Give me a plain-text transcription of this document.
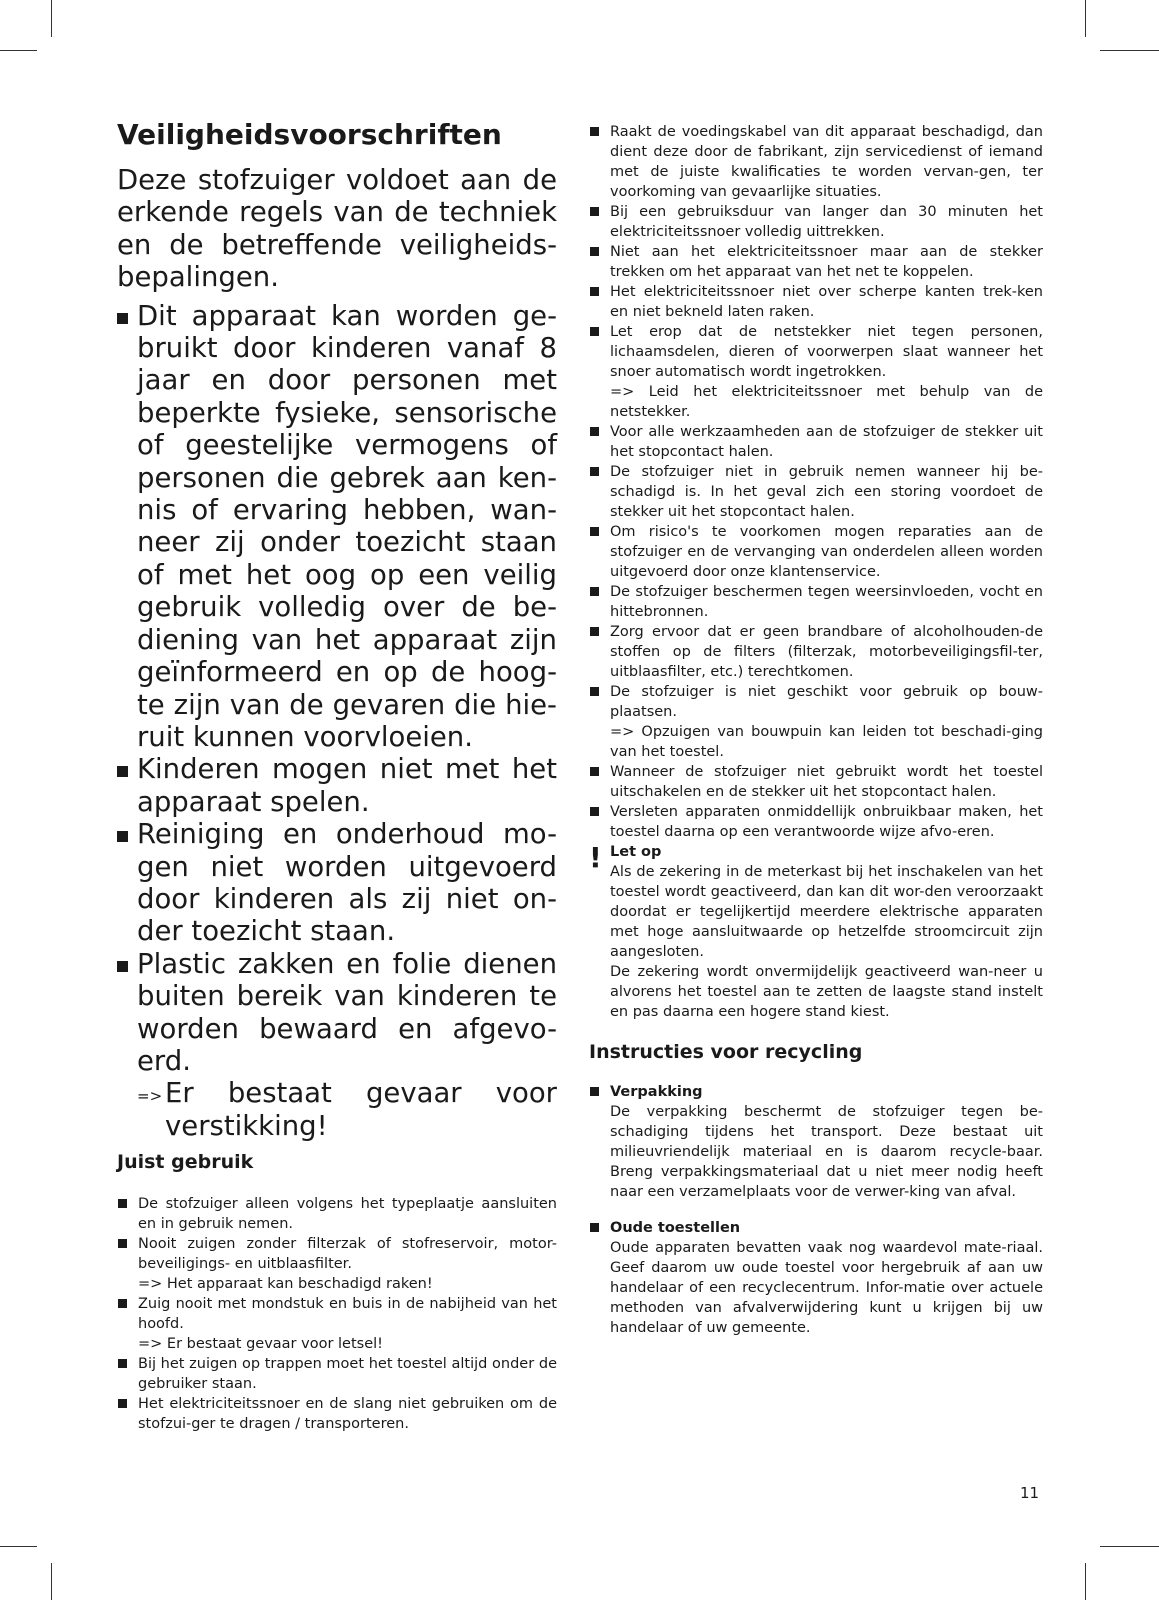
Veiligheidsvoorschriften

Deze stofzuiger voldoet aan de erkende regels van de techniek en de betreffende veiligheids-bepalingen.

Dit apparaat kan worden ge-bruikt door kinderen vanaf 8 jaar en door personen met beperkte fysieke, sensorische of geestelijke vermogens of personen die gebrek aan ken-nis of ervaring hebben, wan-neer zij onder toezicht staan of met het oog op een veilig gebruik volledig over de be-diening van het apparaat zijn geïnformeerd en op de hoog-te zijn van de gevaren die hie-ruit kunnen voorvloeien.
Kinderen mogen niet met het apparaat spelen.
Reiniging en onderhoud mo-gen niet worden uitgevoerd door kinderen als zij niet on-der toezicht staan.
Plastic zakken en folie dienen buiten bereik van kinderen te worden bewaard en afgevo-erd.
=> Er bestaat gevaar voor verstikking!
Juist gebruik
De stofzuiger alleen volgens het typeplaatje aansluiten en in gebruik nemen.
Nooit zuigen zonder filterzak of stofreservoir, motor-beveiligings- en uitblaasfilter.
=> Het apparaat kan beschadigd raken!
Zuig nooit met mondstuk en buis in de nabijheid van het hoofd.
=> Er bestaat gevaar voor letsel!
Bij het zuigen op trappen moet het toestel altijd onder de gebruiker staan.
Het elektriciteitssnoer en de slang niet gebruiken om de stofzui-ger te dragen / transporteren.
Raakt de voedingskabel van dit apparaat beschadigd, dan dient deze door de fabrikant, zijn servicedienst of iemand met de juiste kwalificaties te worden vervan-gen, ter voorkoming van gevaarlijke situaties.
Bij een gebruiksduur van langer dan 30 minuten het elektriciteitssnoer volledig uittrekken.
Niet aan het elektriciteitssnoer maar aan de stekker trekken om het apparaat van het net te koppelen.
Het elektriciteitssnoer niet over scherpe kanten trek-ken en niet bekneld laten raken.
Let erop dat de netstekker niet tegen personen, lichaamsdelen, dieren of voorwerpen slaat wanneer het snoer automatisch wordt ingetrokken.
=> Leid het elektriciteitssnoer met behulp van de netstekker.
Voor alle werkzaamheden aan de stofzuiger de stekker uit het stopcontact halen.
De stofzuiger niet in gebruik nemen wanneer hij be-schadigd is. In het geval zich een storing voordoet de stekker uit het stopcontact halen.
Om risico's te voorkomen mogen reparaties aan de stofzuiger en de vervanging van onderdelen alleen worden uitgevoerd door onze klantenservice.
De stofzuiger beschermen tegen weersinvloeden, vocht en hittebronnen.
Zorg ervoor dat er geen brandbare of alcoholhouden-de stoffen op de filters (filterzak, motorbeveiligingsfil-ter, uitblaasfilter, etc.) terechtkomen.
De stofzuiger is niet geschikt voor gebruik op bouw-plaatsen.
=> Opzuigen van bouwpuin kan leiden tot beschadi-ging van het toestel.
Wanneer de stofzuiger niet gebruikt wordt het toestel uitschakelen en de stekker uit het stopcontact halen.
Versleten apparaten onmiddellijk onbruikbaar maken, het toestel daarna op een verantwoorde wijze afvo-eren.
! Let op
Als de zekering in de meterkast bij het inschakelen van het toestel wordt geactiveerd, dan kan dit wor-den veroorzaakt doordat er tegelijkertijd meerdere elektrische apparaten met hoge aansluitwaarde op hetzelfde stroomcircuit zijn aangesloten.
De zekering wordt onvermijdelijk geactiveerd wan-neer u alvorens het toestel aan te zetten de laagste stand instelt en pas daarna een hogere stand kiest.
Instructies voor recycling
Verpakking
De verpakking beschermt de stofzuiger tegen be-schadiging tijdens het transport. Deze bestaat uit milieuvriendelijk materiaal en is daarom recycle-baar. Breng verpakkingsmateriaal dat u niet meer nodig heeft naar een verzamelplaats voor de verwer-king van afval.
Oude toestellen
Oude apparaten bevatten vaak nog waardevol mate-riaal. Geef daarom uw oude toestel voor hergebruik af aan uw handelaar of een recyclecentrum. Infor-matie over actuele methoden van afvalverwijdering kunt u krijgen bij uw handelaar of uw gemeente.
11
